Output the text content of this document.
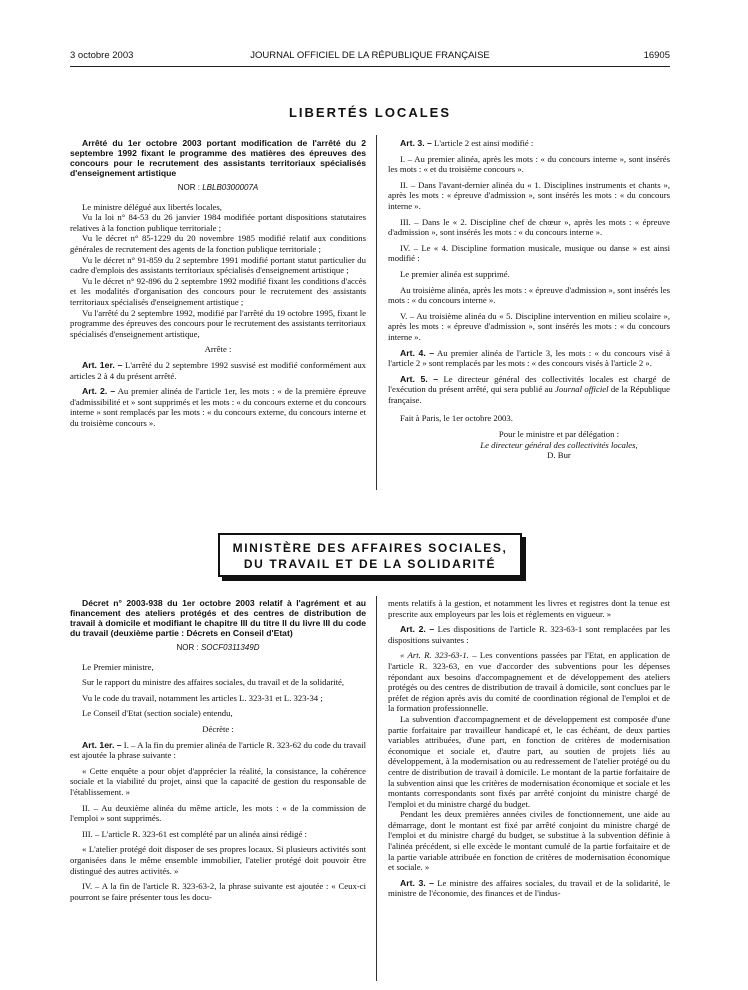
3 octobre 2003	JOURNAL OFFICIEL DE LA RÉPUBLIQUE FRANÇAISE	16905
LIBERTÉS LOCALES

Arrêté du 1er octobre 2003 portant modification de l'arrêté du 2 septembre 1992 fixant le programme des matières des épreuves des concours pour le recrutement des assistants territoriaux spécialisés d'enseignement artistique

NOR : LBLB0300007A

Le ministre délégué aux libertés locales,

Vu la loi n° 84-53 du 26 janvier 1984 modifiée portant dispositions statutaires relatives à la fonction publique territoriale ;

Vu le décret n° 85-1229 du 20 novembre 1985 modifié relatif aux conditions générales de recrutement des agents de la fonction publique territoriale ;

Vu le décret n° 91-859 du 2 septembre 1991 modifié portant statut particulier du cadre d'emplois des assistants territoriaux spécialisés d'enseignement artistique ;

Vu le décret n° 92-896 du 2 septembre 1992 modifié fixant les conditions d'accès et les modalités d'organisation des concours pour le recrutement des assistants territoriaux spécialisés d'enseignement artistique ;

Vu l'arrêté du 2 septembre 1992, modifié par l'arrêté du 19 octobre 1995, fixant le programme des épreuves des concours pour le recrutement des assistants territoriaux spécialisés d'enseignement artistique,

Arrête :

Art. 1er. – L'arrêté du 2 septembre 1992 susvisé est modifié conformément aux articles 2 à 4 du présent arrêté.

Art. 2. – Au premier alinéa de l'article 1er, les mots : « de la première épreuve d'admissibilité et » sont supprimés et les mots : « du concours externe et du concours interne » sont remplacés par les mots : « du concours externe, du concours interne et du troisième concours ».

Art. 3. – L'article 2 est ainsi modifié :

I. – Au premier alinéa, après les mots : « du concours interne », sont insérés les mots : « et du troisième concours ».

II. – Dans l'avant-dernier alinéa du « 1. Disciplines instruments et chants », après les mots : « épreuve d'admission », sont insérés les mots : « du concours interne ».

III. – Dans le « 2. Discipline chef de chœur », après les mots : « épreuve d'admission », sont insérés les mots : « du concours interne ».

IV. – Le « 4. Discipline formation musicale, musique ou danse » est ainsi modifié :

Le premier alinéa est supprimé.

Au troisième alinéa, après les mots : « épreuve d'admission », sont insérés les mots : « du concours interne ».

V. – Au troisième alinéa du « 5. Discipline intervention en milieu scolaire », après les mots : « épreuve d'admission », sont insérés les mots : « du concours interne ».

Art. 4. – Au premier alinéa de l'article 3, les mots : « du concours visé à l'article 2 » sont remplacés par les mots : « des concours visés à l'article 2 ».

Art. 5. – Le directeur général des collectivités locales est chargé de l'exécution du présent arrêté, qui sera publié au Journal officiel de la République française.

Fait à Paris, le 1er octobre 2003.

Pour le ministre et par délégation :

Le directeur général des collectivités locales,

D. Bur

MINISTÈRE DES AFFAIRES SOCIALES,
DU TRAVAIL ET DE LA SOLIDARITÉ

Décret n° 2003-938 du 1er octobre 2003 relatif à l'agrément et au financement des ateliers protégés et des centres de distribution de travail à domicile et modifiant le chapitre III du titre II du livre III du code du travail (deuxième partie : Décrets en Conseil d'Etat)

NOR : SOCF0311349D

Le Premier ministre,

Sur le rapport du ministre des affaires sociales, du travail et de la solidarité,

Vu le code du travail, notamment les articles L. 323-31 et L. 323-34 ;

Le Conseil d'Etat (section sociale) entendu,

Décrète :

Art. 1er. – I. – A la fin du premier alinéa de l'article R. 323-62 du code du travail est ajoutée la phrase suivante :

« Cette enquête a pour objet d'apprécier la réalité, la consistance, la cohérence sociale et la viabilité du projet, ainsi que la capacité de gestion du responsable de l'établissement. »

II. – Au deuxième alinéa du même article, les mots : « de la commission de l'emploi » sont supprimés.

III. – L'article R. 323-61 est complété par un alinéa ainsi rédigé :

« L'atelier protégé doit disposer de ses propres locaux. Si plusieurs activités sont organisées dans le même ensemble immobilier, l'atelier protégé doit pouvoir être distingué des autres activités. »

IV. – A la fin de l'article R. 323-63-2, la phrase suivante est ajoutée : « Ceux-ci pourront se faire présenter tous les docu-

ments relatifs à la gestion, et notamment les livres et registres dont la tenue est prescrite aux employeurs par les lois et règlements en vigueur. »

Art. 2. – Les dispositions de l'article R. 323-63-1 sont remplacées par les dispositions suivantes :

« Art. R. 323-63-1. – Les conventions passées par l'Etat, en application de l'article R. 323-63, en vue d'accorder des subventions pour les dépenses répondant aux besoins d'accompagnement et de développement des ateliers protégés ou des centres de distribution de travail à domicile, sont conclues par le préfet de région après avis du comité de coordination régional de l'emploi et de la formation professionnelle.

La subvention d'accompagnement et de développement est composée d'une partie forfaitaire par travailleur handicapé et, le cas échéant, de deux parties variables attribuées, d'une part, en fonction de critères de modernisation économique et sociale et, d'autre part, au soutien de projets liés au développement, à la modernisation ou au redressement de l'atelier protégé ou du centre de distribution de travail à domicile. Le montant de la partie forfaitaire de la subvention ainsi que les critères de modernisation économique et sociale et les montants correspondants sont fixés par arrêté conjoint du ministre chargé de l'emploi et du ministre chargé du budget.

Pendant les deux premières années civiles de fonctionnement, une aide au démarrage, dont le montant est fixé par arrêté conjoint du ministre chargé de l'emploi et du ministre chargé du budget, se substitue à la subvention définie à l'alinéa précédent, si elle excède le montant cumulé de la partie forfaitaire et de la partie variable attribuée en fonction de critères de modernisation économique et sociale. »

Art. 3. – Le ministre des affaires sociales, du travail et de la solidarité, le ministre de l'économie, des finances et de l'indus-
